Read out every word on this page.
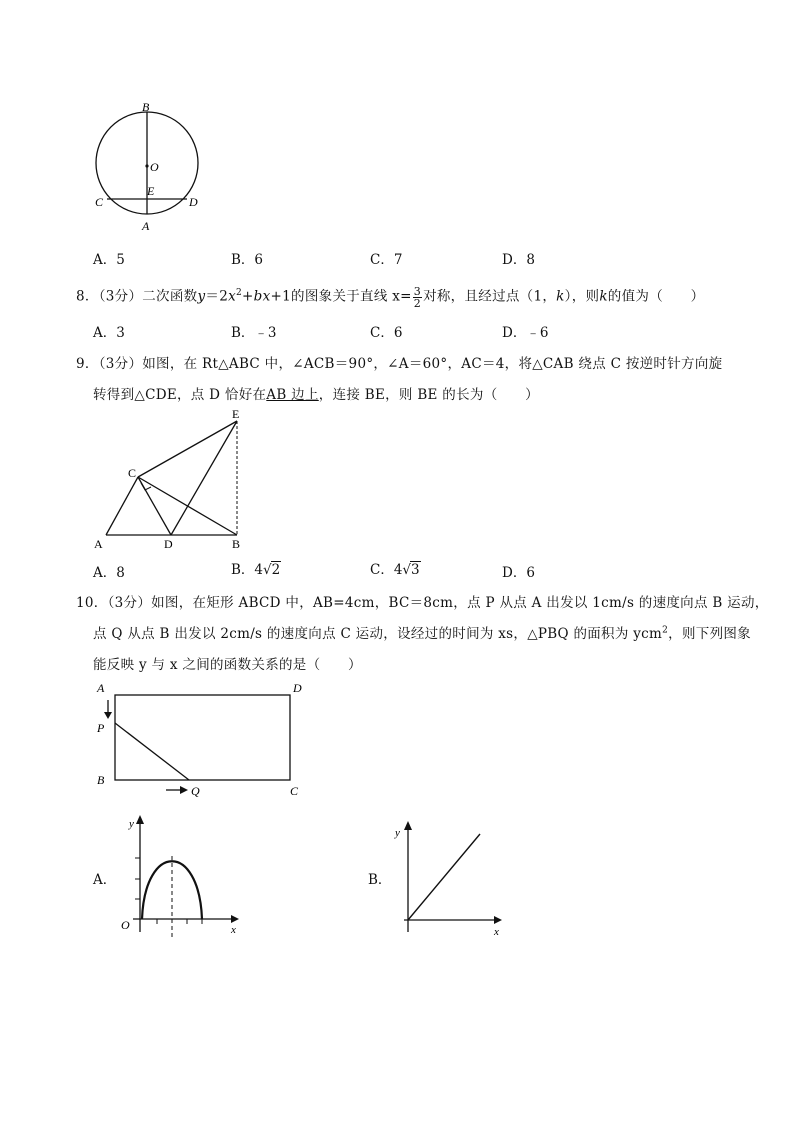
B
O
E
C	D
A
A．5	B．6	C．7	D．8
8．（3分）二次函数$y=2x^2+bx+1$的图象关于直线 $x= \frac{3}{2}$ 对称，且经过点（1，k），则k的值为（　　）
A．3	B．﹣3	C．6	D．﹣6
9．（3分）如图，在 Rt△ABC 中，∠ACB＝90°，∠A＝60°，AC＝4，将△CAB 绕点 C 按逆时针方向旋
转得到△CDE，点 D 恰好在AB 边上，连接 BE，则 BE 的长为（　　）
E
C
A	D	B
A．8	B．4√2	C．4√3	D．6
10．（3分）如图，在矩形 ABCD 中，AB=4cm，BC＝8cm，点 P 从点 A 出发以 1cm/s 的速度向点 B 运动，
点 Q 从点 B 出发以 2cm/s 的速度向点 C 运动，设经过的时间为 xs，△PBQ 的面积为 ycm$^2$，则下列图象
能反映 y 与 x 之间的函数关系的是（　　）
A	D
P
B
Q	C
A．
y
x
O
B．
y
x
